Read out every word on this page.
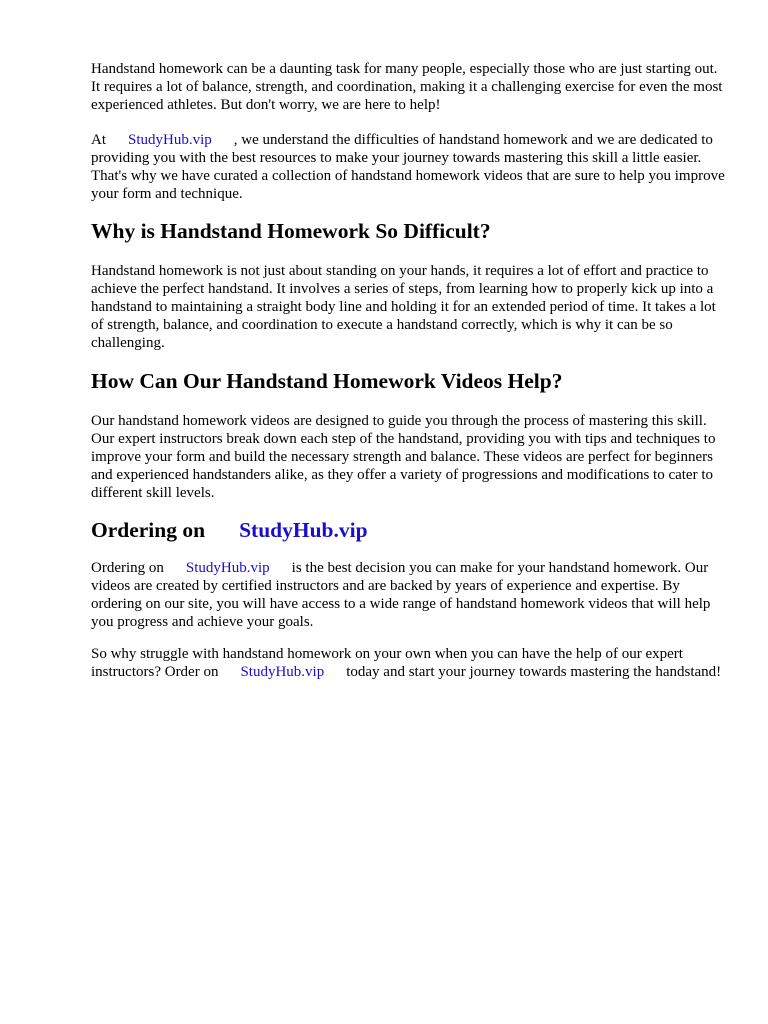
Handstand homework can be a daunting task for many people, especially those who are just starting out. It requires a lot of balance, strength, and coordination, making it a challenging exercise for even the most experienced athletes. But don't worry, we are here to help!

At StudyHub.vip , we understand the difficulties of handstand homework and we are dedicated to providing you with the best resources to make your journey towards mastering this skill a little easier. That's why we have curated a collection of handstand homework videos that are sure to help you improve your form and technique.

Why is Handstand Homework So Difficult?

Handstand homework is not just about standing on your hands, it requires a lot of effort and practice to achieve the perfect handstand. It involves a series of steps, from learning how to properly kick up into a handstand to maintaining a straight body line and holding it for an extended period of time. It takes a lot of strength, balance, and coordination to execute a handstand correctly, which is why it can be so challenging.

How Can Our Handstand Homework Videos Help?

Our handstand homework videos are designed to guide you through the process of mastering this skill. Our expert instructors break down each step of the handstand, providing you with tips and techniques to improve your form and build the necessary strength and balance. These videos are perfect for beginners and experienced handstanders alike, as they offer a variety of progressions and modifications to cater to different skill levels.

Ordering on StudyHub.vip

Ordering on StudyHub.vip is the best decision you can make for your handstand homework. Our videos are created by certified instructors and are backed by years of experience and expertise. By ordering on our site, you will have access to a wide range of handstand homework videos that will help you progress and achieve your goals.

So why struggle with handstand homework on your own when you can have the help of our expert instructors? Order on StudyHub.vip today and start your journey towards mastering the handstand!
